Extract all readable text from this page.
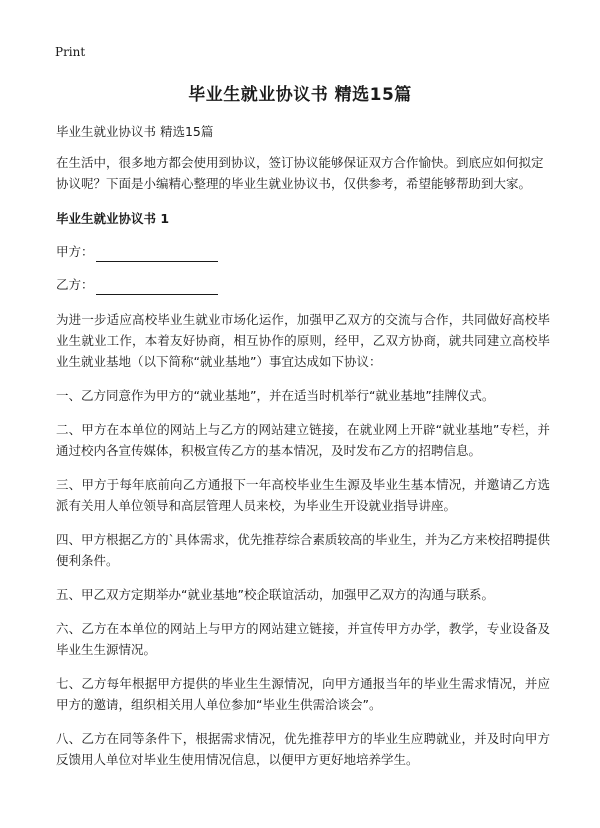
Print
毕业生就业协议书 精选15篇

毕业生就业协议书 精选15篇

在生活中，很多地方都会使用到协议，签订协议能够保证双方合作愉快。到底应如何拟定协议呢？下面是小编精心整理的毕业生就业协议书，仅供参考，希望能够帮助到大家。

毕业生就业协议书 1

甲方：

乙方：

为进一步适应高校毕业生就业市场化运作，加强甲乙双方的交流与合作，共同做好高校毕业生就业工作，本着友好协商，相互协作的原则，经甲，乙双方协商，就共同建立高校毕业生就业基地（以下简称“就业基地”）事宜达成如下协议：

一、乙方同意作为甲方的“就业基地”，并在适当时机举行“就业基地”挂牌仪式。

二、甲方在本单位的网站上与乙方的网站建立链接，在就业网上开辟“就业基地”专栏，并通过校内各宣传媒体，积极宣传乙方的基本情况，及时发布乙方的招聘信息。

三、甲方于每年底前向乙方通报下一年高校毕业生生源及毕业生基本情况，并邀请乙方选派有关用人单位领导和高层管理人员来校，为毕业生开设就业指导讲座。

四、甲方根据乙方的`具体需求，优先推荐综合素质较高的毕业生，并为乙方来校招聘提供便利条件。

五、甲乙双方定期举办“就业基地”校企联谊活动，加强甲乙双方的沟通与联系。

六、乙方在本单位的网站上与甲方的网站建立链接，并宣传甲方办学，教学，专业设备及毕业生生源情况。

七、乙方每年根据甲方提供的毕业生生源情况，向甲方通报当年的毕业生需求情况，并应甲方的邀请，组织相关用人单位参加“毕业生供需洽谈会”。

八、乙方在同等条件下，根据需求情况，优先推荐甲方的毕业生应聘就业，并及时向甲方反馈用人单位对毕业生使用情况信息，以便甲方更好地培养学生。
